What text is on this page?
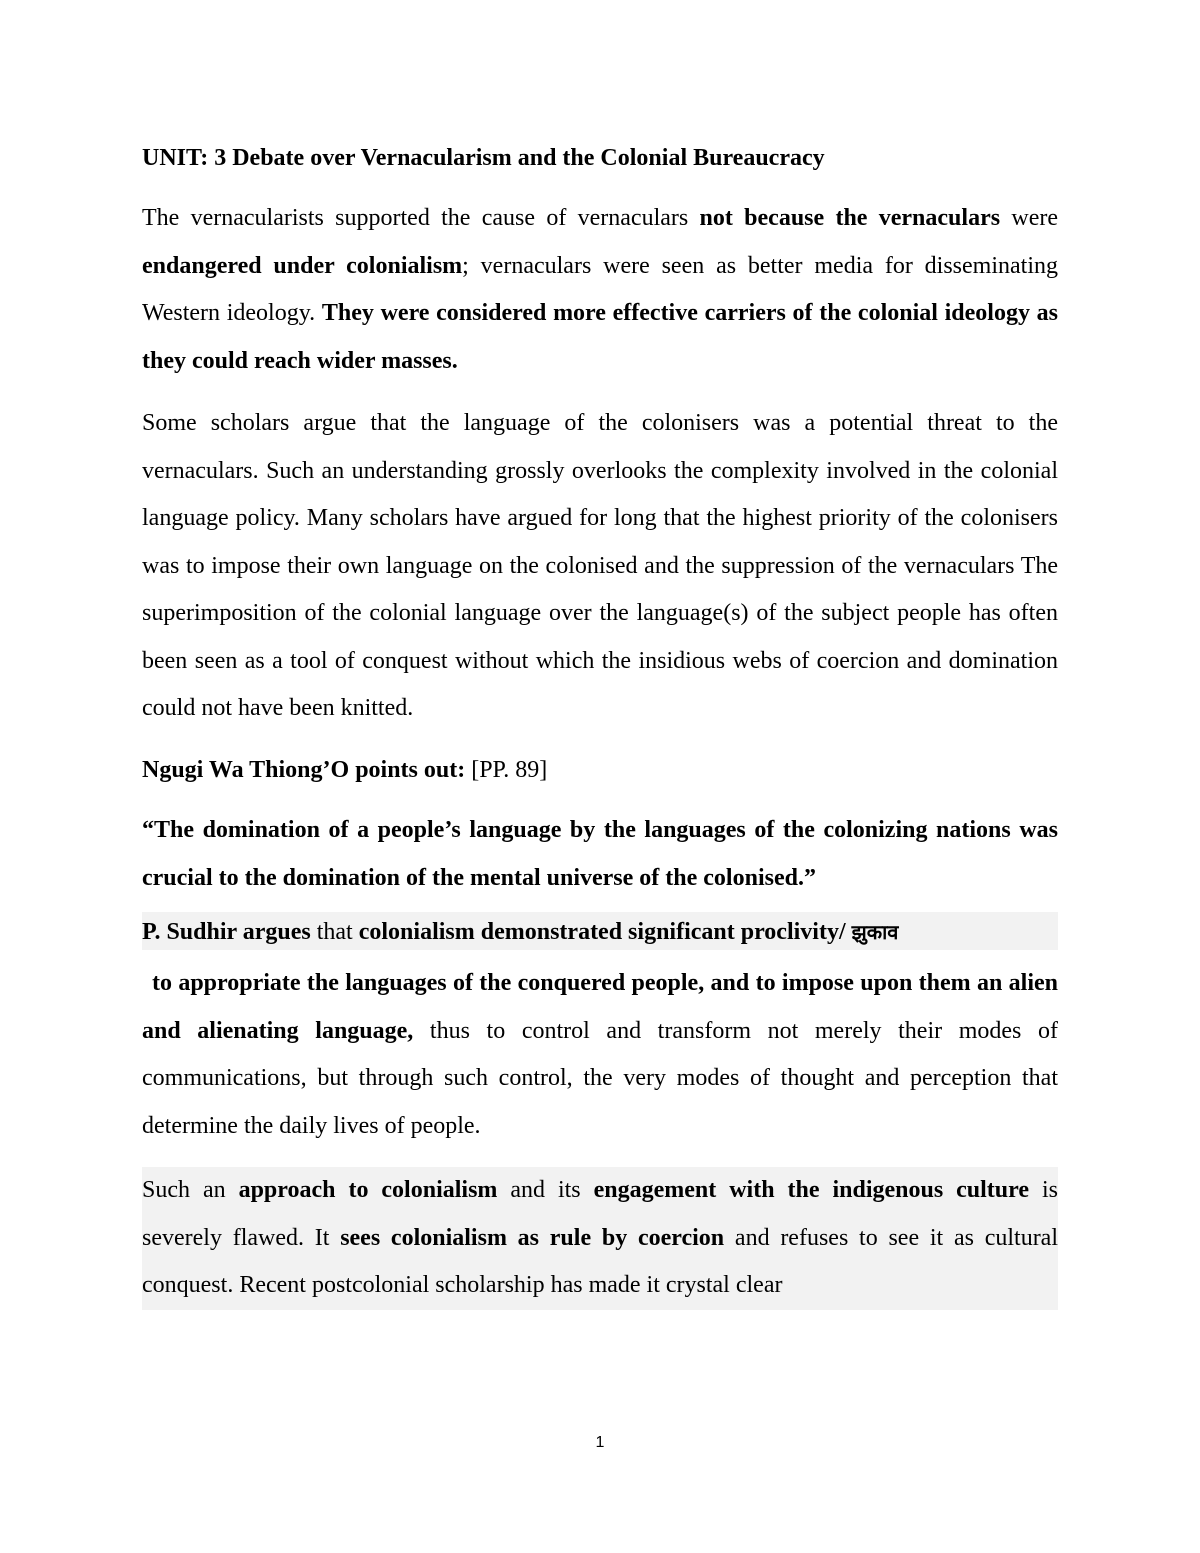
UNIT: 3 Debate over Vernacularism and the Colonial Bureaucracy

The vernacularists supported the cause of vernaculars not because the vernaculars were endangered under colonialism; vernaculars were seen as better media for disseminating Western ideology. They were considered more effective carriers of the colonial ideology as they could reach wider masses.

Some scholars argue that the language of the colonisers was a potential threat to the vernaculars. Such an understanding grossly overlooks the complexity involved in the colonial language policy. Many scholars have argued for long that the highest priority of the colonisers was to impose their own language on the colonised and the suppression of the vernaculars The superimposition of the colonial language over the language(s) of the subject people has often been seen as a tool of conquest without which the insidious webs of coercion and domination could not have been knitted.

Ngugi Wa Thiong’O points out: [PP. 89]

“The domination of a people’s language by the languages of the colonizing nations was crucial to the domination of the mental universe of the colonised.”

P. Sudhir argues that colonialism demonstrated significant proclivity/ झुकाव

to appropriate the languages of the conquered people, and to impose upon them an alien and alienating language, thus to control and transform not merely their modes of communications, but through such control, the very modes of thought and perception that determine the daily lives of people.

Such an approach to colonialism and its engagement with the indigenous culture is severely flawed. It sees colonialism as rule by coercion and refuses to see it as cultural conquest. Recent postcolonial scholarship has made it crystal clear

1
